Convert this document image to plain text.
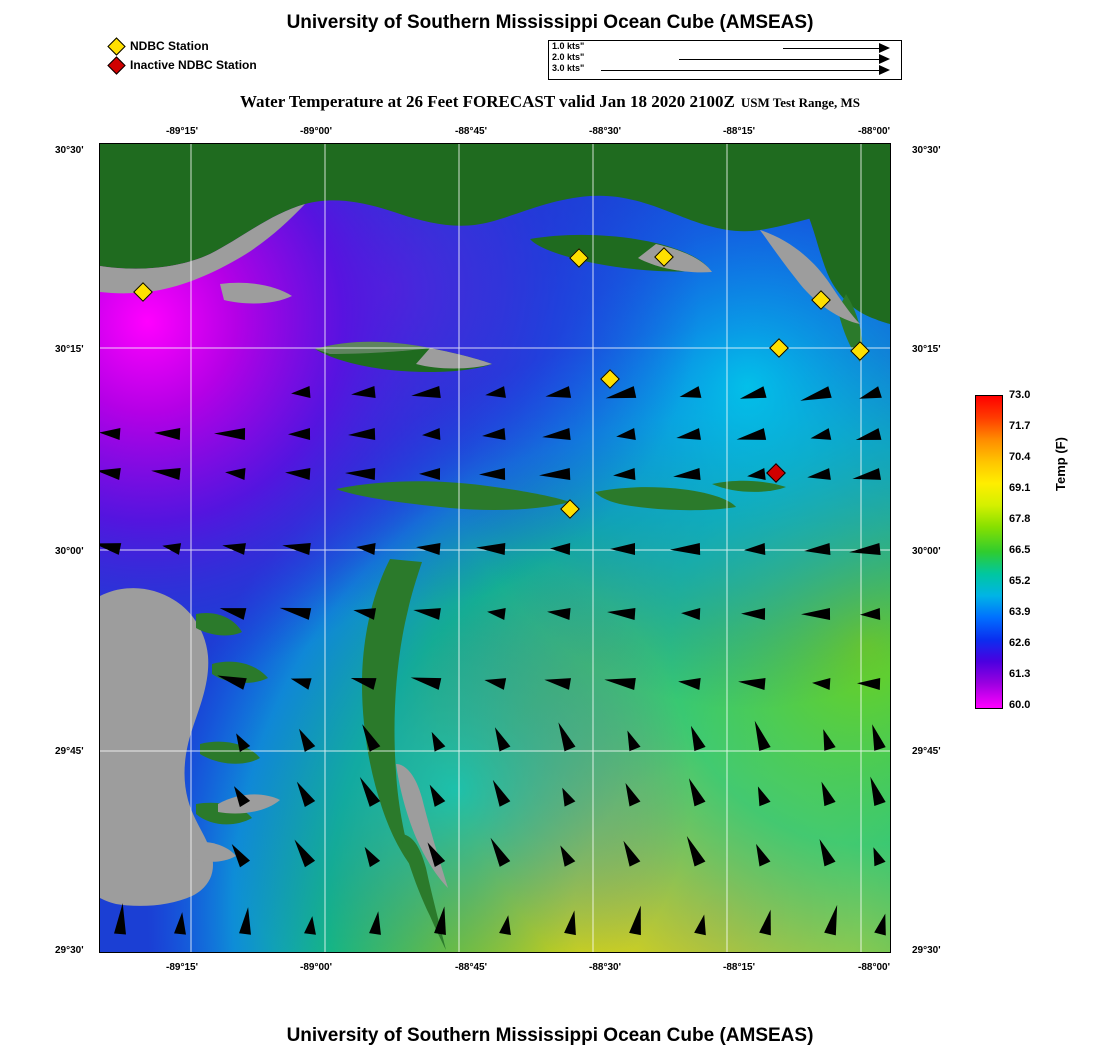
University of Southern Mississippi Ocean Cube (AMSEAS)
University of Southern Mississippi Ocean Cube (AMSEAS)
Water Temperature at 26 Feet FORECAST valid Jan 18 2020 2100Z USM Test Range, MS
NDBC Station
Inactive NDBC Station
1.0 kts"
2.0 kts"
3.0 kts"
-89°15'	-89°00'	-88°45'	-88°30'	-88°15'	-88°00'
-89°15'	-89°00'	-88°45'	-88°30'	-88°15'	-88°00'
30°30'
30°15'
30°00'
29°45'
29°30'
30°30'
30°15'
30°00'
29°45'
29°30'
73.0
71.7
70.4
69.1
67.8
66.5
65.2
63.9
62.6
61.3
60.0
Temp (F)
